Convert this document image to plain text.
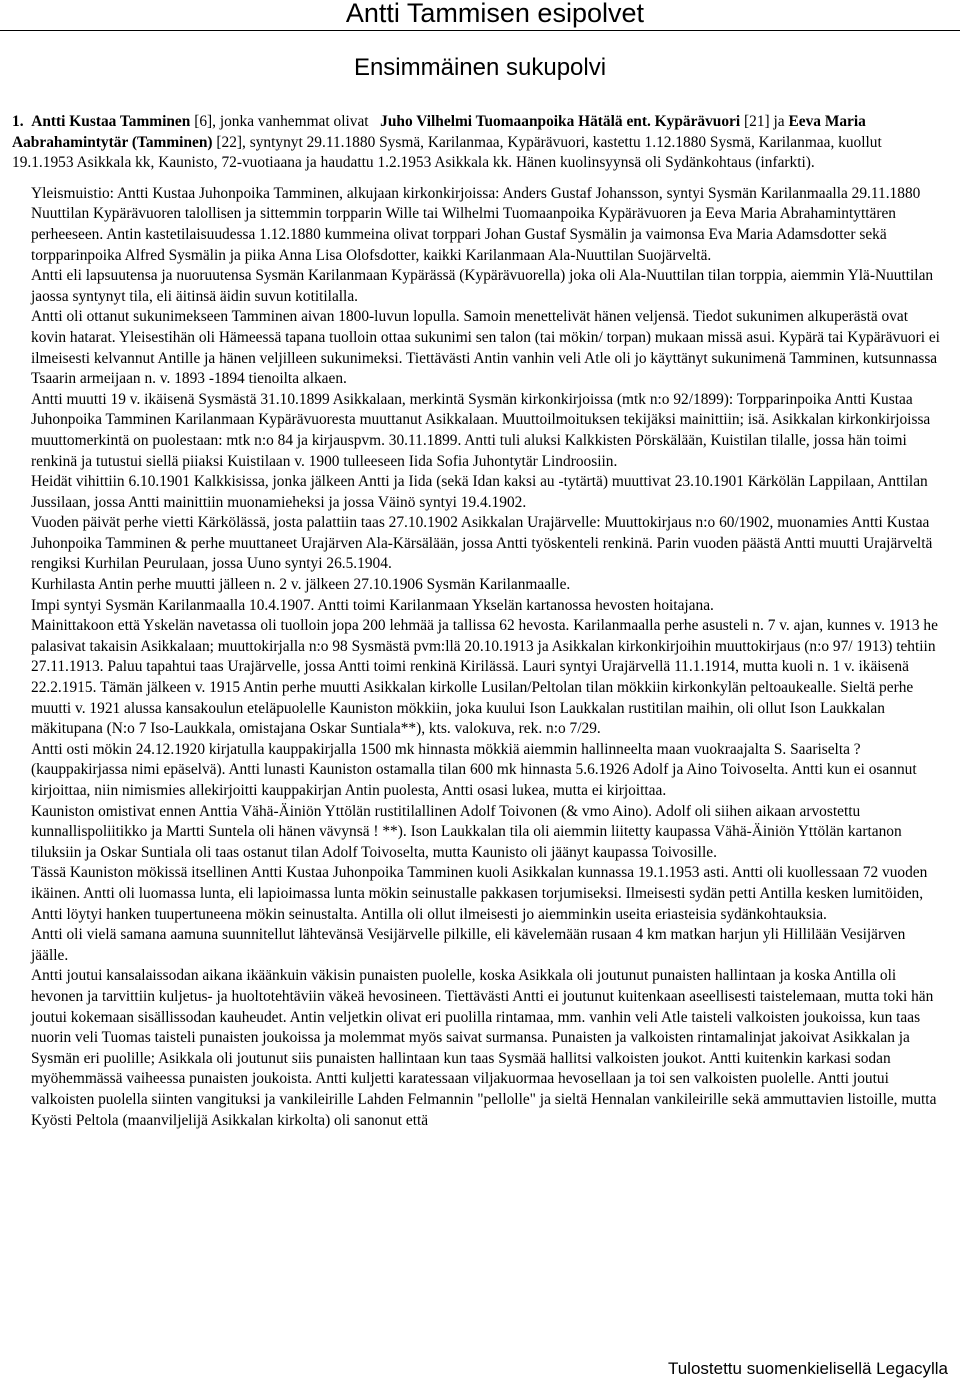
Antti Tammisen esipolvet
Ensimmäinen sukupolvi

1. Antti Kustaa Tamminen [6], jonka vanhemmat olivat Juho Vilhelmi Tuomaanpoika Hätälä ent. Kypärävuori [21] ja Eeva Maria Aabrahamintytär (Tamminen) [22], syntynyt 29.11.1880 Sysmä, Karilanmaa, Kypärävuori, kastettu 1.12.1880 Sysmä, Karilanmaa, kuollut 19.1.1953 Asikkala kk, Kaunisto, 72-vuotiaana ja haudattu 1.2.1953 Asikkala kk. Hänen kuolinsyynsä oli Sydänkohtaus (infarkti).

Yleismuistio: Antti Kustaa Juhonpoika Tamminen, alkujaan kirkonkirjoissa: Anders Gustaf Johansson, syntyi Sysmän Karilanmaalla 29.11.1880 Nuuttilan Kypärävuoren talollisen ja sittemmin torpparin Wille tai Wilhelmi Tuomaanpoika Kypärävuoren ja Eeva Maria Abrahamintyttären perheeseen. Antin kastetilaisuudessa 1.12.1880 kummeina olivat torppari Johan Gustaf Sysmälin ja vaimonsa Eva Maria Adamsdotter sekä torpparinpoika Alfred Sysmälin ja piika Anna Lisa Olofsdotter, kaikki Karilanmaan Ala-Nuuttilan Suojärveltä.

Antti eli lapsuutensa ja nuoruutensa Sysmän Karilanmaan Kypärässä (Kypärävuorella) joka oli Ala-Nuuttilan tilan torppia, aiemmin Ylä-Nuuttilan jaossa syntynyt tila, eli äitinsä äidin suvun kotitilalla.

Antti oli ottanut sukunimekseen Tamminen aivan 1800-luvun lopulla. Samoin menettelivät hänen veljensä. Tiedot sukunimen alkuperästä ovat kovin hatarat. Yleisestihän oli Hämeessä tapana tuolloin ottaa sukunimi sen talon (tai mökin/ torpan) mukaan missä asui. Kypärä tai Kypärävuori ei ilmeisesti kelvannut Antille ja hänen veljilleen sukunimeksi. Tiettävästi Antin vanhin veli Atle oli jo käyttänyt sukunimenä Tamminen, kutsunnassa Tsaarin armeijaan n. v. 1893 -1894 tienoilta alkaen.

Antti muutti 19 v. ikäisenä Sysmästä 31.10.1899 Asikkalaan, merkintä Sysmän kirkonkirjoissa (mtk n:o 92/1899): Torpparinpoika Antti Kustaa Juhonpoika Tamminen Karilanmaan Kypärävuoresta muuttanut Asikkalaan. Muuttoilmoituksen tekijäksi mainittiin; isä. Asikkalan kirkonkirjoissa muuttomerkintä on puolestaan: mtk n:o 84 ja kirjauspvm. 30.11.1899. Antti tuli aluksi Kalkkisten Pörskälään, Kuistilan tilalle, jossa hän toimi renkinä ja tutustui siellä piiaksi Kuistilaan v. 1900 tulleeseen Iida Sofia Juhontytär Lindroosiin.

Heidät vihittiin 6.10.1901 Kalkkisissa, jonka jälkeen Antti ja Iida (sekä Idan kaksi au -tytärtä) muuttivat 23.10.1901 Kärkölän Lappilaan, Anttilan Jussilaan, jossa Antti mainittiin muonamieheksi ja jossa Väinö syntyi 19.4.1902.

Vuoden päivät perhe vietti Kärkölässä, josta palattiin taas 27.10.1902 Asikkalan Urajärvelle: Muuttokirjaus n:o 60/1902, muonamies Antti Kustaa Juhonpoika Tamminen & perhe muuttaneet Urajärven Ala-Kärsälään, jossa Antti työskenteli renkinä. Parin vuoden päästä Antti muutti Urajärveltä rengiksi Kurhilan Peurulaan, jossa Uuno syntyi 26.5.1904.

Kurhilasta Antin perhe muutti jälleen n. 2 v. jälkeen 27.10.1906 Sysmän Karilanmaalle.

Impi syntyi Sysmän Karilanmaalla 10.4.1907. Antti toimi Karilanmaan Ykselän kartanossa hevosten hoitajana.

Mainittakoon että Yskelän navetassa oli tuolloin jopa 200 lehmää ja tallissa 62 hevosta. Karilanmaalla perhe asusteli n. 7 v. ajan, kunnes v. 1913 he palasivat takaisin Asikkalaan; muuttokirjalla n:o 98 Sysmästä pvm:llä 20.10.1913 ja Asikkalan kirkonkirjoihin muuttokirjaus (n:o 97/ 1913) tehtiin 27.11.1913. Paluu tapahtui taas Urajärvelle, jossa Antti toimi renkinä Kirilässä. Lauri syntyi Urajärvellä 11.1.1914, mutta kuoli n. 1 v. ikäisenä 22.2.1915. Tämän jälkeen v. 1915 Antin perhe muutti Asikkalan kirkolle Lusilan/Peltolan tilan mökkiin kirkonkylän peltoaukealle. Sieltä perhe muutti v. 1921 alussa kansakoulun eteläpuolelle Kauniston mökkiin, joka kuului Ison Laukkalan rustitilan maihin, oli ollut Ison Laukkalan mäkitupana (N:o 7 Iso-Laukkala, omistajana Oskar Suntiala**), kts. valokuva, rek. n:o 7/29.

Antti osti mökin 24.12.1920 kirjatulla kauppakirjalla 1500 mk hinnasta mökkiä aiemmin hallinneelta maan vuokraajalta S. Saariselta ? (kauppakirjassa nimi epäselvä). Antti lunasti Kauniston ostamalla tilan 600 mk hinnasta 5.6.1926 Adolf ja Aino Toivoselta. Antti kun ei osannut kirjoittaa, niin nimismies allekirjoitti kauppakirjan Antin puolesta, Antti osasi lukea, mutta ei kirjoittaa.

Kauniston omistivat ennen Anttia Vähä-Äiniön Yttölän rustitilallinen Adolf Toivonen (& vmo Aino). Adolf oli siihen aikaan arvostettu kunnallispoliitikko ja Martti Suntela oli hänen vävynsä ! **). Ison Laukkalan tila oli aiemmin liitetty kaupassa Vähä-Äiniön Yttölän kartanon tiluksiin ja Oskar Suntiala oli taas ostanut tilan Adolf Toivoselta, mutta Kaunisto oli jäänyt kaupassa Toivosille.

Tässä Kauniston mökissä itsellinen Antti Kustaa Juhonpoika Tamminen kuoli Asikkalan kunnassa 19.1.1953 asti. Antti oli kuollessaan 72 vuoden ikäinen. Antti oli luomassa lunta, eli lapioimassa lunta mökin seinustalle pakkasen torjumiseksi. Ilmeisesti sydän petti Antilla kesken lumitöiden, Antti löytyi hanken tuupertuneena mökin seinustalta. Antilla oli ollut ilmeisesti jo aiemminkin useita eriasteisia sydänkohtauksia.

Antti oli vielä samana aamuna suunnitellut lähtevänsä Vesijärvelle pilkille, eli kävelemään rusaan 4 km matkan harjun yli Hillilään Vesijärven jäälle.

Antti joutui kansalaissodan aikana ikäänkuin väkisin punaisten puolelle, koska Asikkala oli joutunut punaisten hallintaan ja koska Antilla oli hevonen ja tarvittiin kuljetus- ja huoltotehtäviin väkeä hevosineen. Tiettävästi Antti ei joutunut kuitenkaan aseellisesti taistelemaan, mutta toki hän joutui kokemaan sisällissodan kauheudet. Antin veljetkin olivat eri puolilla rintamaa, mm. vanhin veli Atle taisteli valkoisten joukoissa, kun taas nuorin veli Tuomas taisteli punaisten joukoissa ja molemmat myös saivat surmansa. Punaisten ja valkoisten rintamalinjat jakoivat Asikkalan ja Sysmän eri puolille; Asikkala oli joutunut siis punaisten hallintaan kun taas Sysmää hallitsi valkoisten joukot. Antti kuitenkin karkasi sodan myöhemmässä vaiheessa punaisten joukoista. Antti kuljetti karatessaan viljakuormaa hevosellaan ja toi sen valkoisten puolelle. Antti joutui valkoisten puolella siinten vangituksi ja vankileirille Lahden Felmannin "pellolle" ja sieltä Hennalan vankileirille sekä ammuttavien listoille, mutta Kyösti Peltola (maanviljelijä Asikkalan kirkolta) oli sanonut että

Tulostettu suomenkielisellä Legacylla
